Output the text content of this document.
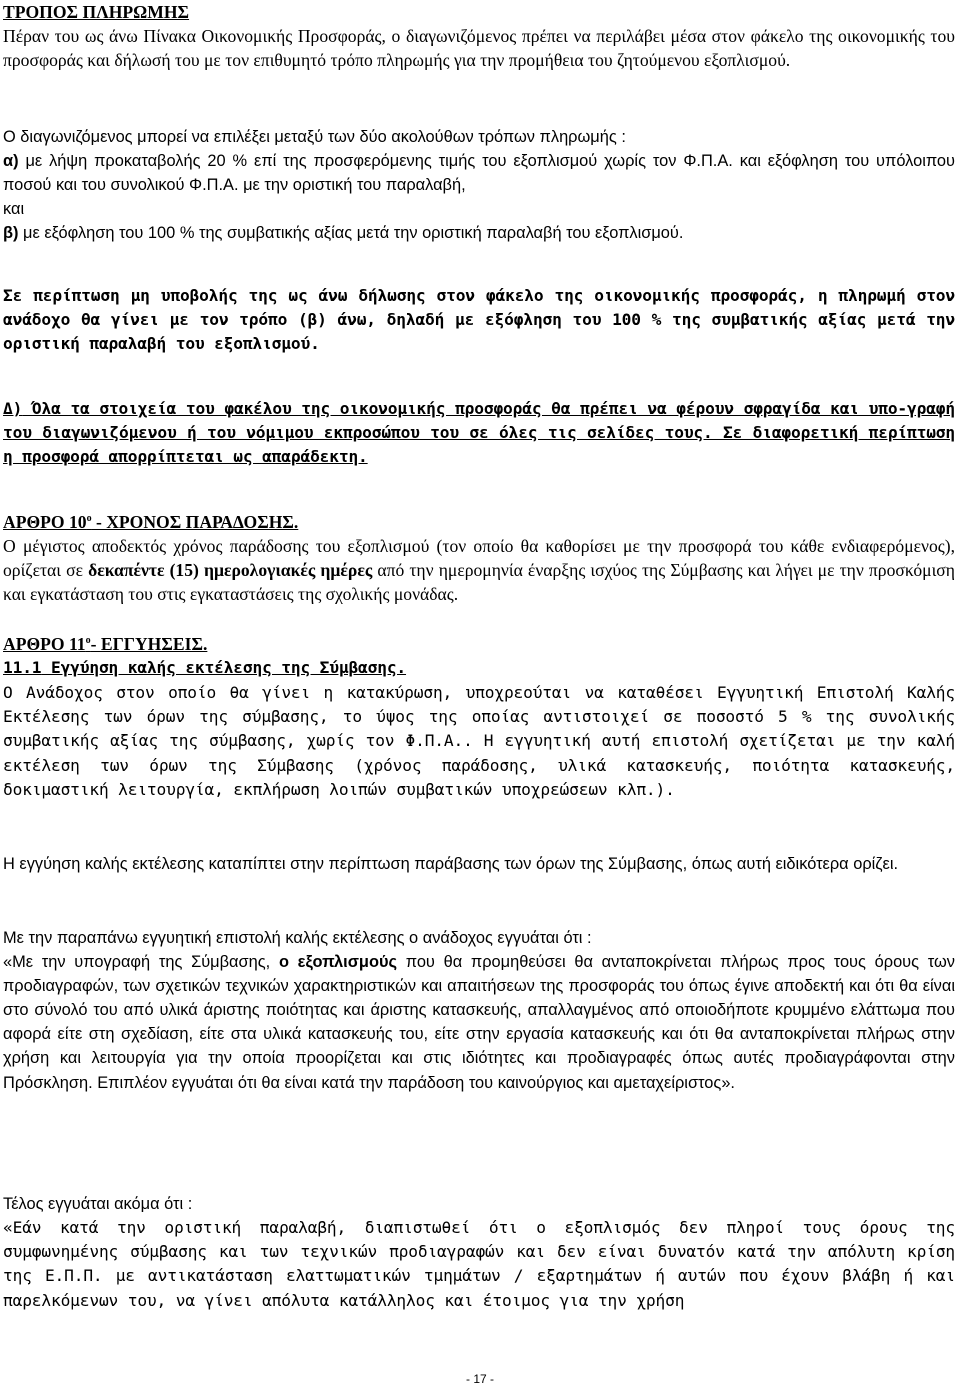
ΤΡΟΠΟΣ ΠΛΗΡΩΜΗΣ

Πέραν του ως άνω Πίνακα Οικονομικής Προσφοράς, ο διαγωνιζόμενος πρέπει να περιλάβει μέσα στον φάκελο της οικονομικής του προσφοράς και δήλωσή του με τον επιθυμητό τρόπο πληρωμής για την προμήθεια του ζητούμενου εξοπλισμού.

Ο διαγωνιζόμενος μπορεί να επιλέξει μεταξύ των δύο ακολούθων τρόπων πληρωμής :

α) με λήψη προκαταβολής 20 % επί της προσφερόμενης τιμής του εξοπλισμού χωρίς τον Φ.Π.Α. και εξόφληση του υπόλοιπου ποσού και του συνολικού Φ.Π.Α. με την οριστική του παραλαβή,

και

β) με εξόφληση του 100 % της συμβατικής αξίας μετά την οριστική παραλαβή του εξοπλισμού.

Σε περίπτωση μη υποβολής της ως άνω δήλωσης στον φάκελο της οικονομικής προσφοράς, η πληρωμή στον ανάδοχο θα γίνει με τον τρόπο (β) άνω, δηλαδή με εξόφληση του 100 % της συμβατικής αξίας μετά την οριστική παραλαβή του εξοπλισμού.

Δ) Όλα τα στοιχεία του φακέλου της οικονομικής προσφοράς θα πρέπει να φέρουν σφραγίδα και υπο-γραφή του διαγωνιζόμενου ή του νόμιμου εκπροσώπου του σε όλες τις σελίδες τους. Σε διαφορετική περίπτωση η προσφορά απορρίπτεται ως απαράδεκτη.

ΑΡΘΡΟ $10^o$ - ΧΡΟΝΟΣ ΠΑΡΑΔΟΣΗΣ.

Ο μέγιστος αποδεκτός χρόνος παράδοσης του εξοπλισμού (τον οποίο θα καθορίσει με την προσφορά του κάθε ενδιαφερόμενος), ορίζεται σε δεκαπέντε (15) ημερολογιακές ημέρες από την ημερομηνία έναρξης ισχύος της Σύμβασης και λήγει με την προσκόμιση και εγκατάσταση του στις εγκαταστάσεις της σχολικής μονάδας.

ΑΡΘΡΟ $11^o-$ ΕΓΓΥΗΣΕΙΣ.

11.1 Εγγύηση καλής εκτέλεσης της Σύμβασης.

Ο Ανάδοχος στον οποίο θα γίνει η κατακύρωση, υποχρεούται να καταθέσει Εγγυητική Επιστολή Καλής Εκτέλεσης των όρων της σύμβασης, το ύψος της οποίας αντιστοιχεί σε ποσοστό 5 % της συνολικής συμβατικής αξίας της σύμβασης, χωρίς τον Φ.Π.Α.. Η εγγυητική αυτή επιστολή σχετίζεται με την καλή εκτέλεση των όρων της Σύμβασης (χρόνος παράδοσης, υλικά κατασκευής, ποιότητα κατασκευής, δοκιμαστική λειτουργία, εκπλήρωση λοιπών συμβατικών υποχρεώσεων κλπ.).

Η εγγύηση καλής εκτέλεσης καταπίπτει στην περίπτωση παράβασης των όρων της Σύμβασης, όπως αυτή ειδικότερα ορίζει.

Με την παραπάνω εγγυητική επιστολή καλής εκτέλεσης ο ανάδοχος εγγυάται ότι :

«Με την υπογραφή της Σύμβασης, ο εξοπλισμούς που θα προμηθεύσει θα ανταποκρίνεται πλήρως προς τους όρους των προδιαγραφών, των σχετικών τεχνικών χαρακτηριστικών και απαιτήσεων της προσφοράς του όπως έγινε αποδεκτή και ότι θα είναι στο σύνολό του από υλικά άριστης ποιότητας και άριστης κατασκευής, απαλλαγμένος από οποιοδήποτε κρυμμένο ελάττωμα που αφορά είτε στη σχεδίαση, είτε στα υλικά κατασκευής του, είτε στην εργασία κατασκευής και ότι θα ανταποκρίνεται πλήρως στην χρήση και λειτουργία για την οποία προορίζεται και στις ιδιότητες και προδιαγραφές όπως αυτές προδιαγράφονται στην Πρόσκληση. Επιπλέον εγγυάται ότι θα είναι κατά την παράδοση του καινούργιος και αμεταχείριστος».

Τέλος εγγυάται ακόμα ότι :

«Εάν κατά την οριστική παραλαβή, διαπιστωθεί ότι ο εξοπλισμός δεν πληροί τους όρους της συμφωνημένης σύμβασης και των τεχνικών προδιαγραφών και δεν είναι δυνατόν κατά την απόλυτη κρίση της Ε.Π.Π. με αντικατάσταση ελαττωματικών τμημάτων / εξαρτημάτων ή αυτών που έχουν βλάβη ή και παρελκόμενων του, να γίνει απόλυτα κατάλληλος και έτοιμος για την χρήση

- 17 -
